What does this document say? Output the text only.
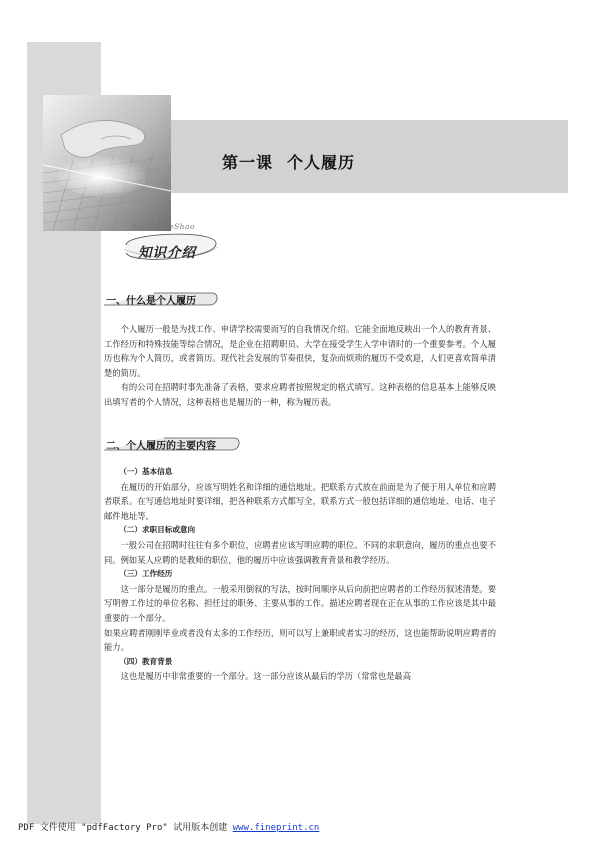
第一课 个人履历
ZhiShi JieShao
知识介绍
一、什么是个人履历

个人履历一般是为找工作、申请学校需要而写的自我情况介绍。它能全面地反映出一个人的教育背景、工作经历和特殊技能等综合情况，是企业在招聘职员、大学在接受学生入学申请时的一个重要参考。个人履历也称为个人简历，或者简历。现代社会发展的节奏很快，复杂而烦琐的履历不受欢迎，人们更喜欢简单清楚的简历。

有的公司在招聘时事先准备了表格，要求应聘者按照规定的格式填写。这种表格的信息基本上能够反映出填写者的个人情况，这种表格也是履历的一种，称为履历表。

二、个人履历的主要内容

（一）基本信息

在履历的开始部分，应该写明姓名和详细的通信地址。把联系方式放在前面是为了便于用人单位和应聘者联系。在写通信地址时要详细，把各种联系方式都写全，联系方式一般包括详细的通信地址、电话、电子邮件地址等。

（二）求职目标或意向

一般公司在招聘时往往有多个职位，应聘者应该写明应聘的职位。不同的求职意向，履历的重点也要不同。例如某人应聘的是教师的职位，他的履历中应该强调教育背景和教学经历。

（三）工作经历

这一部分是履历的重点。一般采用倒叙的写法，按时间顺序从后向前把应聘者的工作经历叙述清楚。要写明曾工作过的单位名称、担任过的职务、主要从事的工作。描述应聘者现在正在从事的工作应该是其中最重要的一个部分。

如果应聘者刚刚毕业或者没有太多的工作经历，则可以写上兼职或者实习的经历，这也能帮助说明应聘者的能力。

（四）教育背景

这也是履历中非常重要的一个部分。这一部分应该从最后的学历（常常也是最高

PDF 文件使用 "pdfFactory Pro" 试用版本创建 www.fineprint.cn
